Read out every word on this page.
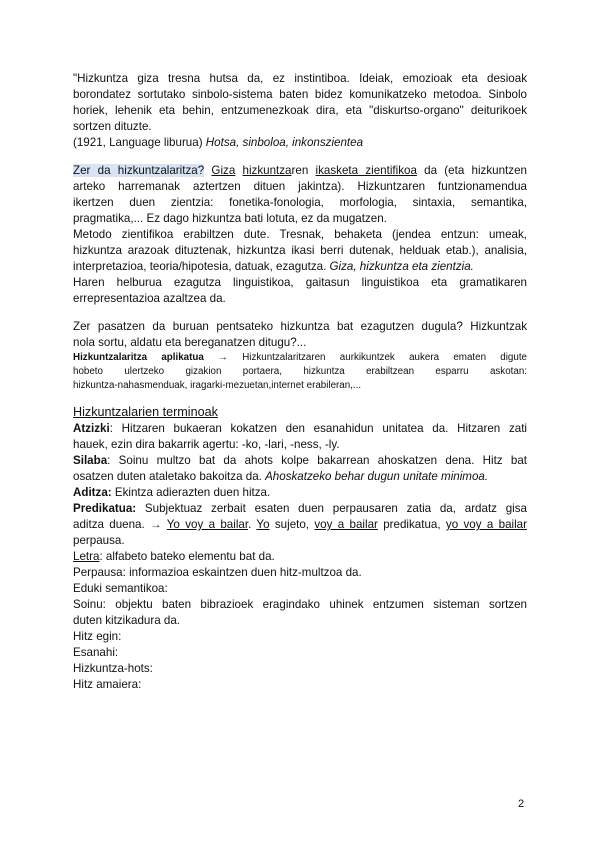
"Hizkuntza giza tresna hutsa da, ez instintiboa. Ideiak, emozioak eta desioak

borondatez sortutako sinbolo-sistema baten bidez komunikatzeko metodoa. Sinbolo

horiek, lehenik eta behin, entzumenezkoak dira, eta "diskurtso-organo" deiturikoek

sortzen dituzte.

(1921, Language liburua) Hotsa, sinboloa, inkonszientea

Zer da hizkuntzalaritza? Giza hizkuntzaren ikasketa zientifikoa da (eta hizkuntzen

arteko harremanak aztertzen dituen jakintza). Hizkuntzaren funtzionamendua

ikertzen duen zientzia: fonetika-fonologia, morfologia, sintaxia, semantika,

pragmatika,... Ez dago hizkuntza bati lotuta, ez da mugatzen.

Metodo zientifikoa erabiltzen dute. Tresnak, behaketa (jendea entzun: umeak,

hizkuntza arazoak dituztenak, hizkuntza ikasi berri dutenak, helduak etab.), analisia,

interpretazioa, teoria/hipotesia, datuak, ezagutza. Giza, hizkuntza eta zientzia.

Haren helburua ezagutza linguistikoa, gaitasun linguistikoa eta gramatikaren

errepresentazioa azaltzea da.

Zer pasatzen da buruan pentsateko hizkuntza bat ezagutzen dugula? Hizkuntzak

nola sortu, aldatu eta bereganatzen ditugu?...

Hizkuntzalaritza aplikatua → Hizkuntzalaritzaren aurkikuntzek aukera ematen digute

hobeto ulertzeko gizakion portaera, hizkuntza erabiltzean esparru askotan:

hizkuntza-nahasmenduak, iragarki-mezuetan,internet erabileran,...

Hizkuntzalarien terminoak

Atzizki: Hitzaren bukaeran kokatzen den esanahidun unitatea da. Hitzaren zati

hauek, ezin dira bakarrik agertu: -ko, -lari, -ness, -ly.

Silaba: Soinu multzo bat da ahots kolpe bakarrean ahoskatzen dena. Hitz bat

osatzen duten ataletako bakoitza da. Ahoskatzeko behar dugun unitate minimoa.

Aditza: Ekintza adierazten duen hitza.

Predikatua: Subjektuaz zerbait esaten duen perpausaren zatia da, ardatz gisa

aditza duena. → Yo voy a bailar. Yo sujeto, voy a bailar predikatua, yo voy a bailar

perpausa.

Letra: alfabeto bateko elementu bat da.

Perpausa: informazioa eskaintzen duen hitz-multzoa da.

Eduki semantikoa:

Soinu: objektu baten bibrazioek eragindako uhinek entzumen sisteman sortzen

duten kitzikadura da.

Hitz egin:

Esanahi:

Hizkuntza-hots:

Hitz amaiera:

2
